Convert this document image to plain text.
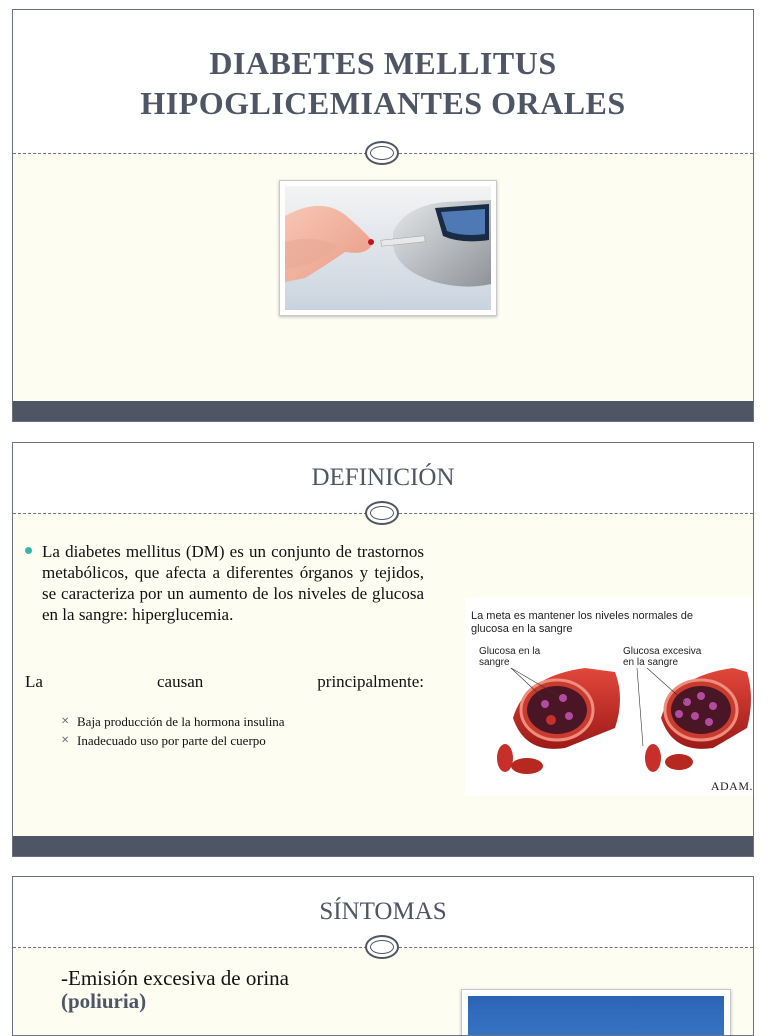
DIABETES MELLITUS
HIPOGLICEMIANTES ORALES
DEFINICIÓN
La diabetes mellitus (DM) es un conjunto de trastornos metabólicos, que afecta a diferentes órganos y tejidos, se caracteriza por un aumento de los niveles de glucosa en la sangre: hiperglucemia.
La	causan	principalmente:
✕ Baja producción de la hormona insulina
✕ Inadecuado uso por parte del cuerpo
La meta es mantener los niveles normales de glucosa en la sangre
Glucosa en la sangre
Glucosa excesiva en la sangre
ADAM.
SÍNTOMAS
-Emisión excesiva de orina
(poliuria)
